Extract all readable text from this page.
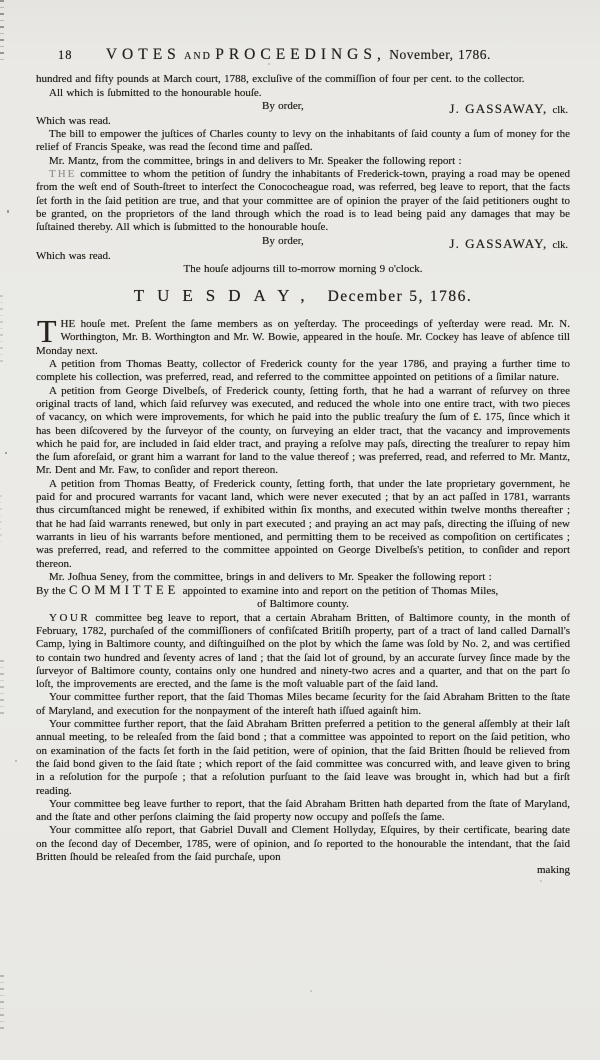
18 VOTES AND PROCEEDINGS, November, 1786.

hundred and fifty pounds at March court, 1788, excluſive of the commiſſion of four per cent. to the collector.

All which is ſubmitted to the honourable houſe.

By order,	J. GASSAWAY, clk.

Which was read.

The bill to empower the juſtices of Charles county to levy on the inhabitants of ſaid county a ſum of money for the relief of Francis Speake, was read the ſecond time and paſſed.

Mr. Mantz, from the committee, brings in and delivers to Mr. Speaker the following report :

THE committee to whom the petition of ſundry the inhabitants of Frederick-town, praying a road may be opened from the weſt end of South-ſtreet to interſect the Conococheague road, was referred, beg leave to report, that the facts ſet forth in the ſaid petition are true, and that your committee are of opinion the prayer of the ſaid petitioners ought to be granted, on the proprietors of the land through which the road is to lead being paid any damages that may be ſuſtained thereby. All which is ſubmitted to the honourable houſe.

By order,	J. GASSAWAY, clk.

Which was read.

The houſe adjourns till to-morrow morning 9 o'clock.

TUESDAY, December 5, 1786.

THE houſe met. Preſent the ſame members as on yeſterday. The proceedings of yeſterday were read. Mr. N. Worthington, Mr. B. Worthington and Mr. W. Bowie, appeared in the houſe. Mr. Cockey has leave of abſence till Monday next.

A petition from Thomas Beatty, collector of Frederick county for the year 1786, and praying a further time to complete his collection, was preferred, read, and referred to the committee appointed on petitions of a ſimilar nature.

A petition from George Divelbeſs, of Frederick county, ſetting forth, that he had a warrant of reſurvey on three original tracts of land, which ſaid reſurvey was executed, and reduced the whole into one entire tract, with two pieces of vacancy, on which were improvements, for which he paid into the public treaſury the ſum of £. 175, ſince which it has been diſcovered by the ſurveyor of the county, on ſurveying an elder tract, that the vacancy and improvements which he paid for, are included in ſaid elder tract, and praying a reſolve may paſs, directing the treaſurer to repay him the ſum aforeſaid, or grant him a warrant for land to the value thereof ; was preferred, read, and referred to Mr. Mantz, Mr. Dent and Mr. Faw, to conſider and report thereon.

A petition from Thomas Beatty, of Frederick county, ſetting forth, that under the late proprietary government, he paid for and procured warrants for vacant land, which were never executed ; that by an act paſſed in 1781, warrants thus circumſtanced might be renewed, if exhibited within ſix months, and executed within twelve months thereafter ; that he had ſaid warrants renewed, but only in part executed ; and praying an act may paſs, directing the iſſuing of new warrants in lieu of his warrants before mentioned, and permitting them to be received as compoſition on certificates ; was preferred, read, and referred to the committee appointed on George Divelbeſs's petition, to conſider and report thereon.

Mr. Joſhua Seney, from the committee, brings in and delivers to Mr. Speaker the following report :

By the COMMITTEE appointed to examine into and report on the petition of Thomas Miles,

of Baltimore county.

YOUR committee beg leave to report, that a certain Abraham Britten, of Baltimore county, in the month of February, 1782, purchaſed of the commiſſioners of confiſcated Britiſh property, part of a tract of land called Darnall's Camp, lying in Baltimore county, and diſtinguiſhed on the plot by which the ſame was ſold by No. 2, and was certified to contain two hundred and ſeventy acres of land ; that the ſaid lot of ground, by an accurate ſurvey ſince made by the ſurveyor of Baltimore county, contains only one hundred and ninety-two acres and a quarter, and that on the part ſo loſt, the improvements are erected, and the ſame is the moſt valuable part of the ſaid land.

Your committee further report, that the ſaid Thomas Miles became ſecurity for the ſaid Abraham Britten to the ſtate of Maryland, and execution for the nonpayment of the intereſt hath iſſued againſt him.

Your committee further report, that the ſaid Abraham Britten preferred a petition to the general aſſembly at their laſt annual meeting, to be releaſed from the ſaid bond ; that a committee was appointed to report on the ſaid petition, who on examination of the facts ſet forth in the ſaid petition, were of opinion, that the ſaid Britten ſhould be relieved from the ſaid bond given to the ſaid ſtate ; which report of the ſaid committee was concurred with, and leave given to bring in a reſolution for the purpoſe ; that a reſolution purſuant to the ſaid leave was brought in, which had but a firſt reading.

Your committee beg leave further to report, that the ſaid Abraham Britten hath departed from the ſtate of Maryland, and the ſtate and other perſons claiming the ſaid property now occupy and poſſeſs the ſame.

Your committee alſo report, that Gabriel Duvall and Clement Hollyday, Eſquires, by their certificate, bearing date on the ſecond day of December, 1785, were of opinion, and ſo reported to the honourable the intendant, that the ſaid Britten ſhould be releaſed from the ſaid purchaſe, upon

making
